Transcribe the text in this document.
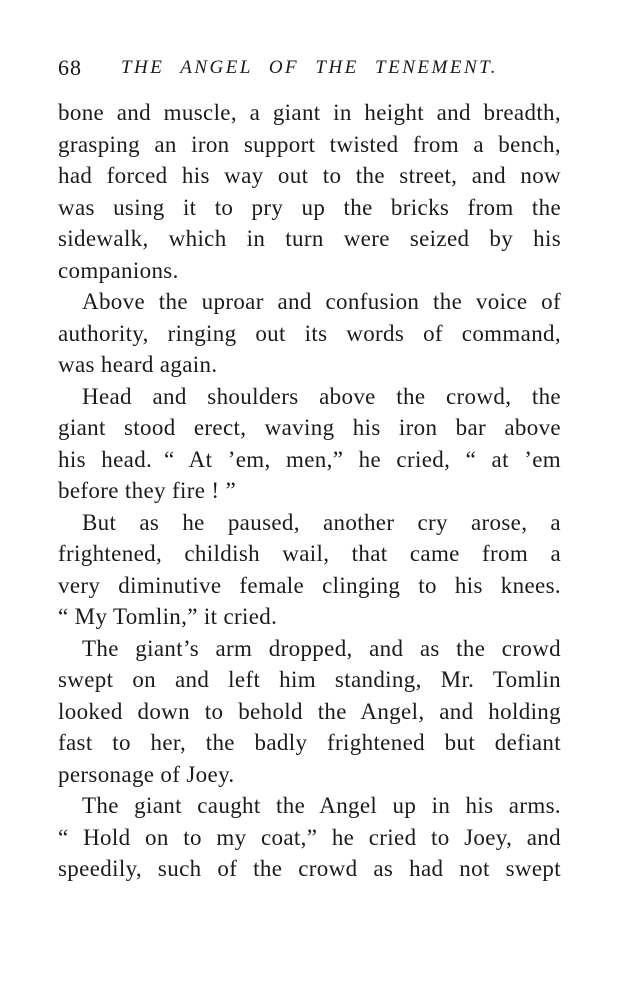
68	THE ANGEL OF THE TENEMENT.
bone and muscle, a giant in height and breadth,
grasping an iron support twisted from a bench,
had forced his way out to the street, and now
was using it to pry up the bricks from the
sidewalk, which in turn were seized by his
companions.
Above the uproar and confusion the voice of
authority, ringing out its words of command,
was heard again.
Head and shoulders above the crowd, the
giant stood erect, waving his iron bar above
his head. “ At ’em, men,” he cried, “ at ’em
before they fire ! ”
But as he paused, another cry arose, a
frightened, childish wail, that came from a
very diminutive female clinging to his knees.
“ My Tomlin,” it cried.
The giant’s arm dropped, and as the crowd
swept on and left him standing, Mr. Tomlin
looked down to behold the Angel, and holding
fast to her, the badly frightened but defiant
personage of Joey.
The giant caught the Angel up in his arms.
“ Hold on to my coat,” he cried to Joey, and
speedily, such of the crowd as had not swept
